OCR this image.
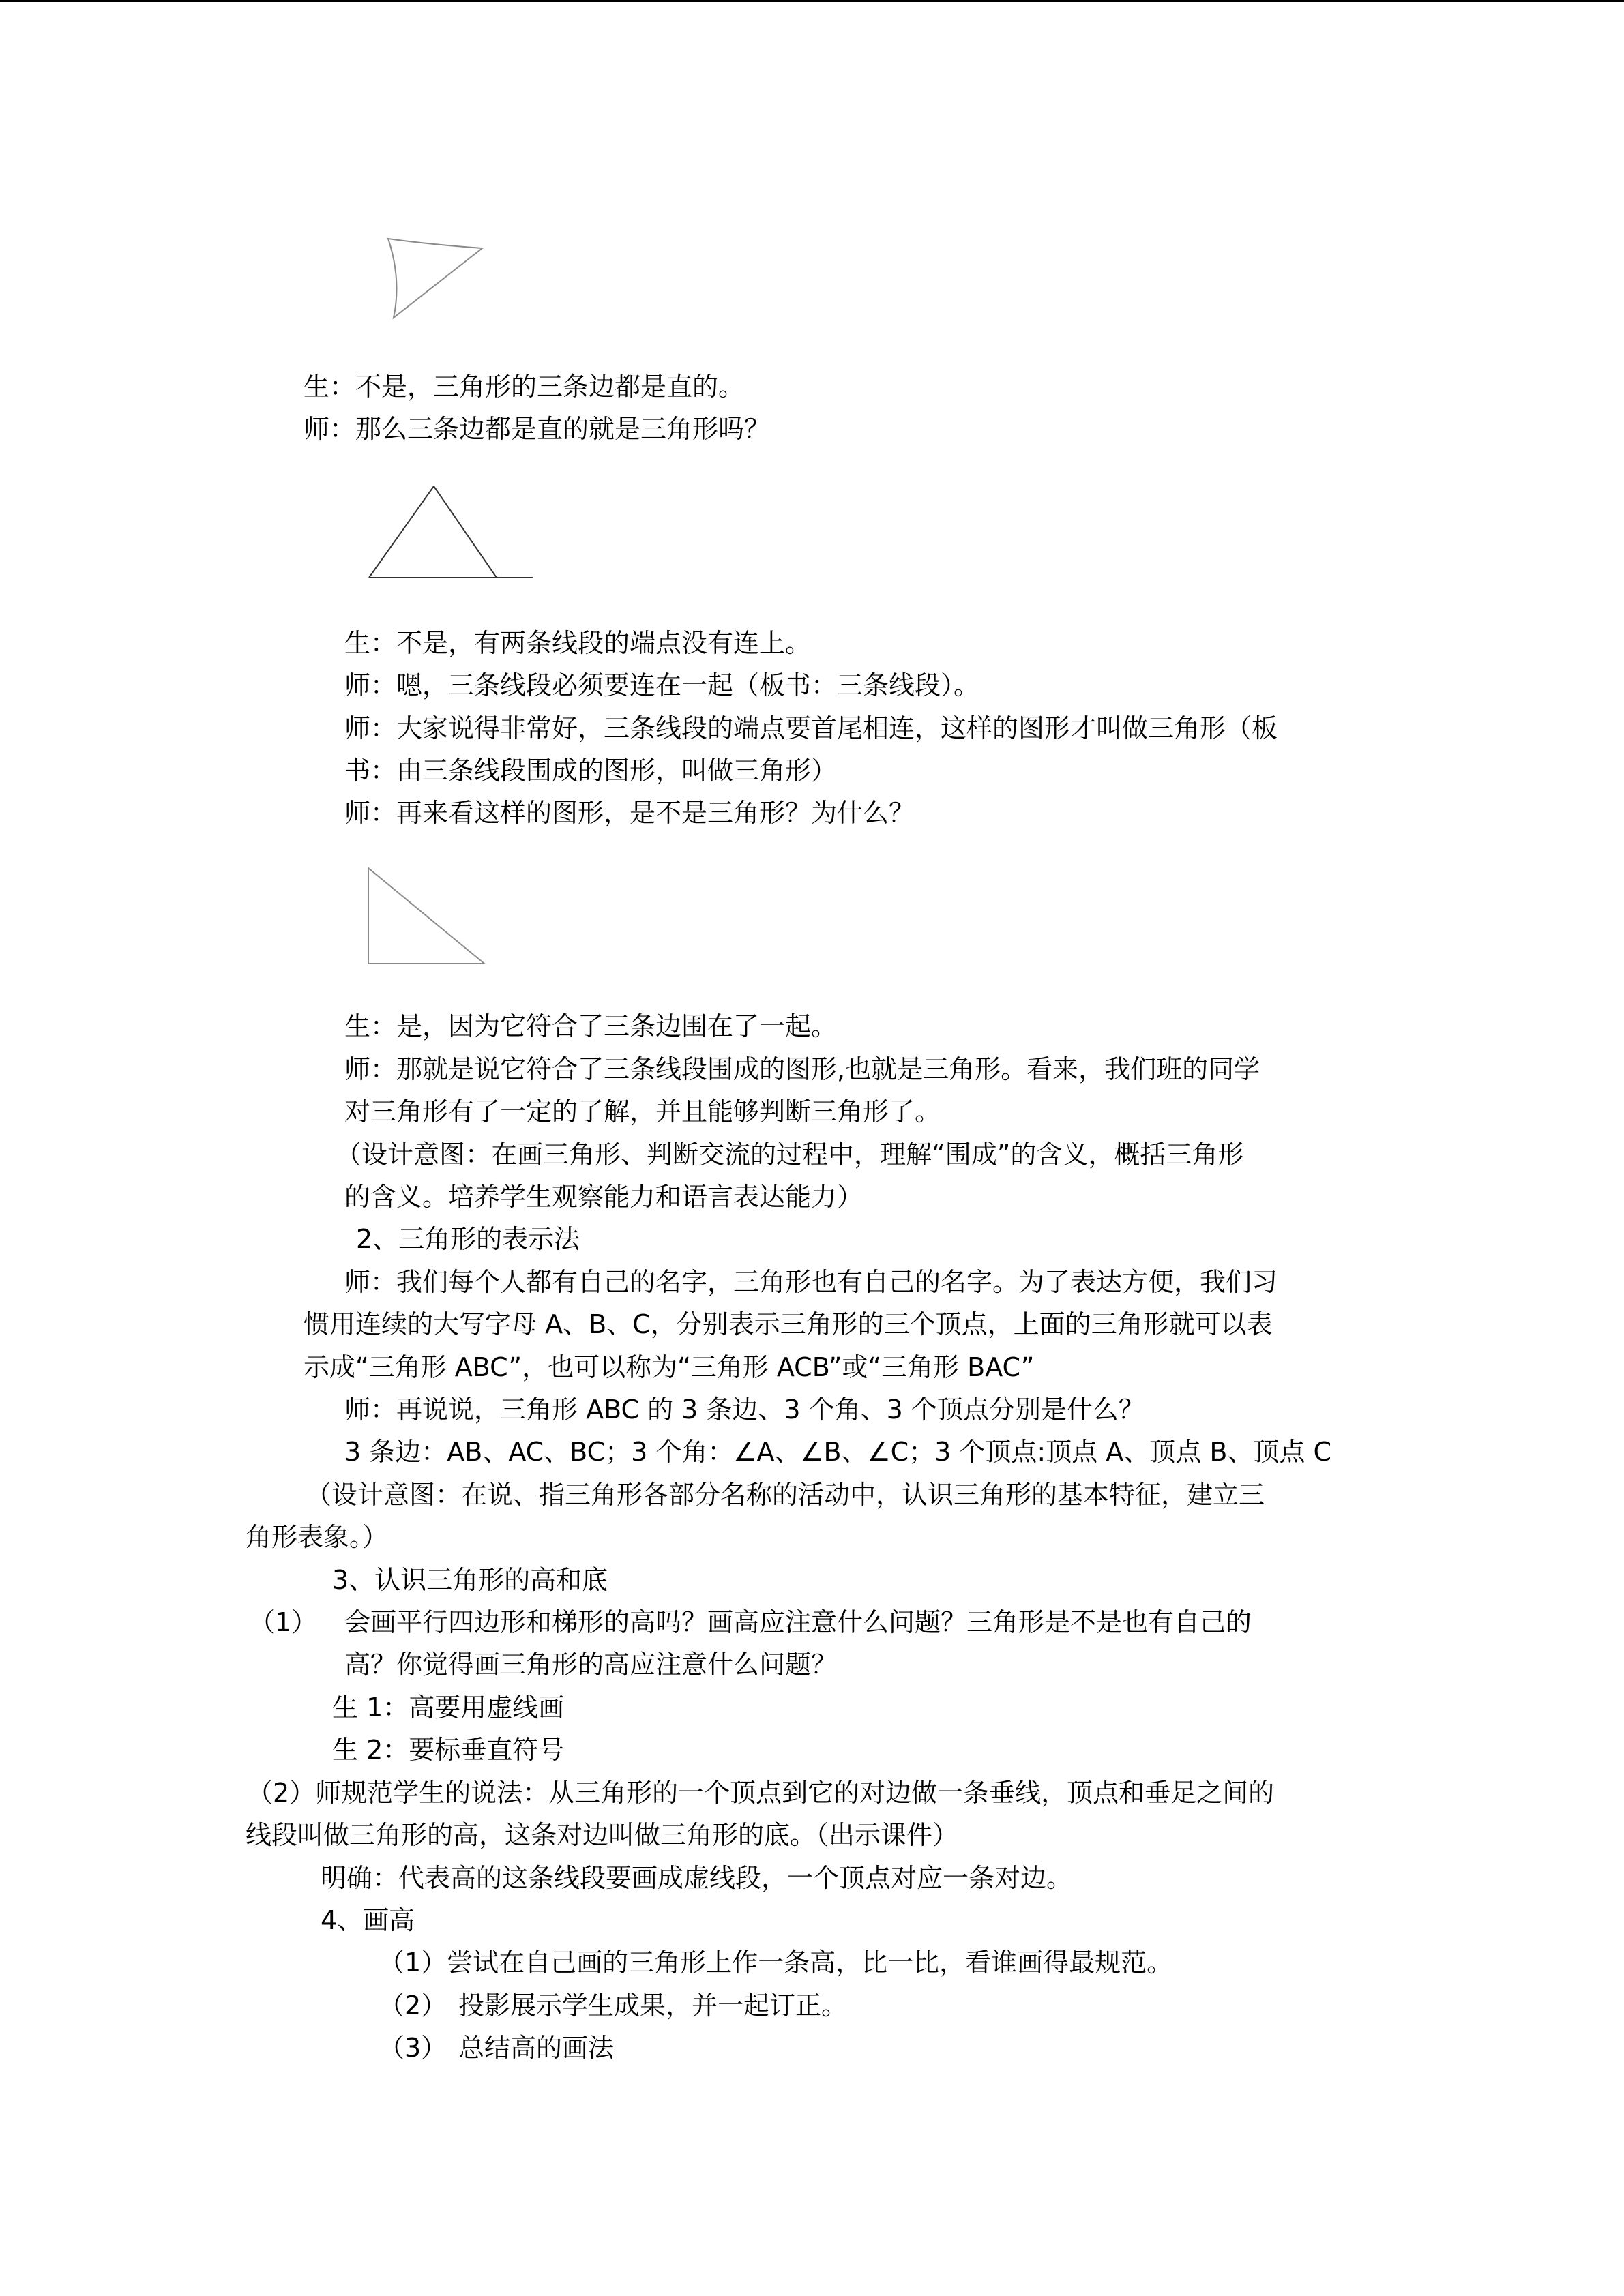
生：不是，三角形的三条边都是直的。
师：那么三条边都是直的就是三角形吗？
生：不是，有两条线段的端点没有连上。
师：嗯，三条线段必须要连在一起（板书：三条线段）。
师：大家说得非常好，三条线段的端点要首尾相连，这样的图形才叫做三角形（板
书：由三条线段围成的图形，叫做三角形）
师：再来看这样的图形，是不是三角形？为什么？
生：是，因为它符合了三条边围在了一起。
师：那就是说它符合了三条线段围成的图形,也就是三角形。看来，我们班的同学
对三角形有了一定的了解，并且能够判断三角形了。
（设计意图：在画三角形、判断交流的过程中，理解“围成”的含义，概括三角形
的含义。培养学生观察能力和语言表达能力）
2、三角形的表示法
师：我们每个人都有自己的名字，三角形也有自己的名字。为了表达方便，我们习
惯用连续的大写字母 A、B、C，分别表示三角形的三个顶点，上面的三角形就可以表
示成“三角形 ABC”，也可以称为“三角形 ACB”或“三角形 BAC”
师：再说说，三角形 ABC 的 3 条边、3 个角、3 个顶点分别是什么？
3 条边：AB、AC、BC；3 个角：∠A、∠B、∠C；3 个顶点:顶点 A、顶点 B、顶点 C
（设计意图：在说、指三角形各部分名称的活动中，认识三角形的基本特征，建立三
角形表象。）
3、认识三角形的高和底
（1） 会画平行四边形和梯形的高吗？画高应注意什么问题？三角形是不是也有自己的
高？你觉得画三角形的高应注意什么问题？
生 1：高要用虚线画
生 2：要标垂直符号
（2）师规范学生的说法：从三角形的一个顶点到它的对边做一条垂线，顶点和垂足之间的
线段叫做三角形的高，这条对边叫做三角形的底。（出示课件）
明确：代表高的这条线段要画成虚线段，一个顶点对应一条对边。
4、画高
（1）尝试在自己画的三角形上作一条高，比一比，看谁画得最规范。
（2） 投影展示学生成果，并一起订正。
（3） 总结高的画法
